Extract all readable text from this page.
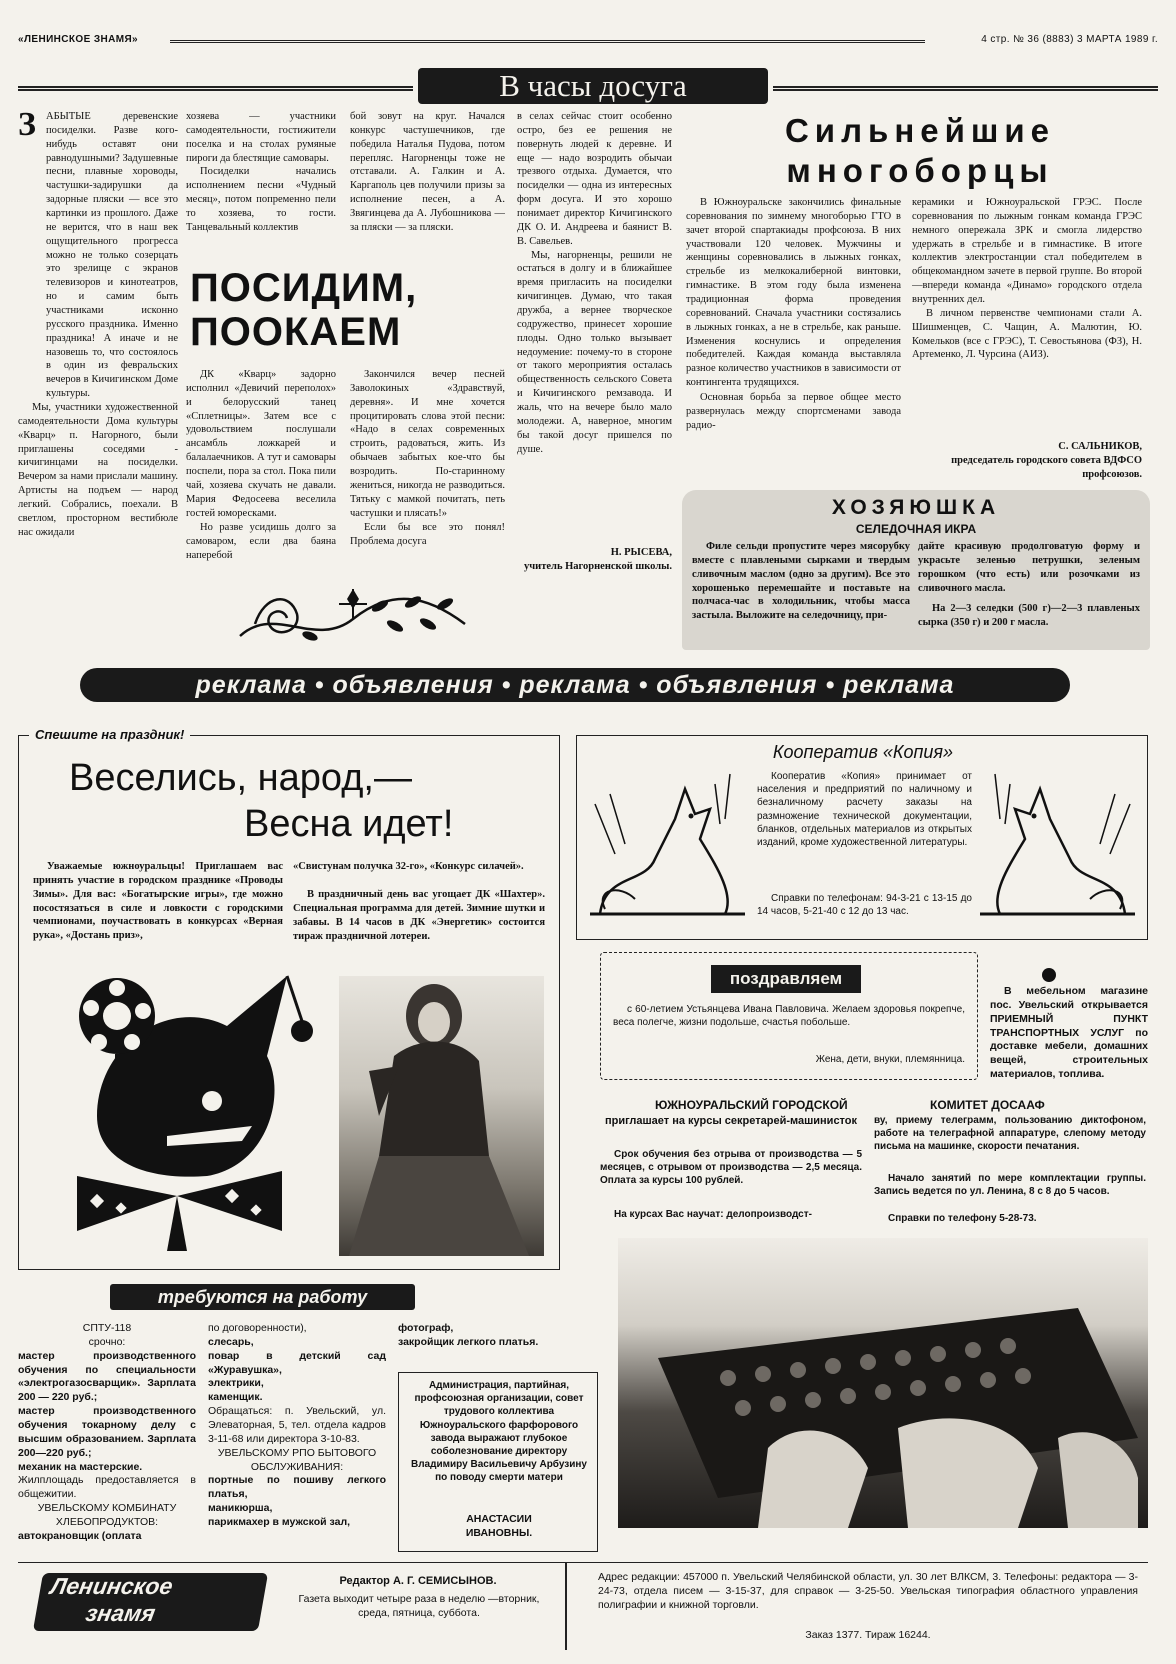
«ЛЕНИНСКОЕ ЗНАМЯ»	4 стр. № 36 (8883) 3 МАРТА 1989 г.
В часы досуга
З АБЫТЫЕ деревенские посиделки. Разве кого-нибудь оставят они равнодушными? Задушевные песни, плавные хороводы, частушки-задирушки да задорные пляски — все это картинки из прошлого. Даже не верится, что в наш век ощущительного прогресса можно не только созерцать это зрелище с экранов телевизоров и кинотеатров, но и самим быть участниками исконно русского праздника. Именно праздника! А иначе и не назовешь то, что состоялось в один из февральских вечеров в Кичигинском Доме культуры.

Мы, участники художественной самодеятельности Дома культуры «Кварц» п. Нагорного, были приглашены соседями - кичигинцами на посиделки. Вечером за нами прислали машину. Артисты на подъем — народ легкий. Собрались, поехали. В светлом, просторном вестибюле нас ожидали

хозяева — участники самодеятельности, гостижители поселка и на столах румяные пироги да блестящие самовары.

Посиделки начались исполнением песни «Чудный месяц», потом попременно пели то хозяева, то гости. Танцевальный коллектив

бой зовут на круг. Начался конкурс частушечников, где победила Наталья Пудова, потом перепляс. Нагорненцы тоже не отставали. А. Галкин и А. Каргаполь цев получили призы за исполнение песен, а А. Звягинцева да А. Лубошникова — за пляски — за пляски.
ПОСИДИМ, ПООКАЕМ

ДК «Кварц» задорно исполнил «Девичий переполох» и белорусский танец «Сплетницы». Затем все с удовольствием послушали ансамбль ложкарей и балалаечников. А тут и самовары поспели, пора за стол. Пока пили чай, хозяева скучать не давали. Мария Федосеева веселила гостей юморесками.

Но разве усидишь долго за самоваром, если два баяна наперебой

Закончился вечер песней Заволокиных «Здравствуй, деревня». И мне хочется процитировать слова этой песни: «Надо в селах современных строить, радоваться, жить. Из обычаев забытых кое-что бы возродить. По-старинному жениться, никогда не разводиться. Тятьку с мамкой почитать, петь частушки и плясать!»

Если бы все это понял! Проблема досуга

в селах сейчас стоит особенно остро, без ее решения не повернуть людей к деревне. И еще — надо возродить обычаи трезвого отдыха. Думается, что посиделки — одна из интересных форм досуга. И это хорошо понимает директор Кичигинского ДК О. И. Андреева и баянист В. В. Савельев.

Мы, нагорненцы, решили не остаться в долгу и в ближайшее время пригласить на посиделки кичигинцев. Думаю, что такая дружба, а вернее творческое содружество, принесет хорошие плоды. Одно только вызывает недоумение: почему-то в стороне от такого мероприятия осталась общественность сельского Совета и Кичигинского ремзавода. И жаль, что на вечере было мало молодежи. А, наверное, многим бы такой досуг пришелся по душе.

Н. РЫСЕВА,
учитель Нагорненской школы.
Сильнейшие
многоборцы

В Южноуральске закончились финальные соревнования по зимнему многоборью ГТО в зачет второй спартакиады профсоюза. В них участвовали 120 человек. Мужчины и женщины соревновались в лыжных гонках, стрельбе из мелкокалиберной винтовки, гимнастике. В этом году была изменена традиционная форма проведения соревнований. Сначала участники состязались в лыжных гонках, а не в стрельбе, как раньше. Изменения коснулись и определения победителей. Каждая команда выставляла разное количество участников в зависимости от контингента трудящихся.

Основная борьба за первое общее место развернулась между спортсменами завода радио-

керамики и Южноуральской ГРЭС. После соревнования по лыжным гонкам команда ГРЭС немного опережала ЗРК и смогла лидерство удержать в стрельбе и в гимнастике. В итоге коллектив электростанции стал победителем в общекомандном зачете в первой группе. Во второй—впереди команда «Динамо» городского отдела внутренних дел.

В личном первенстве чемпионами стали А. Шишменцев, С. Чащин, А. Малютин, Ю. Комельков (все с ГРЭС), Т. Севостьянова (ФЗ), Н. Артеменко, Л. Чурсина (АИЗ).

С. САЛЬНИКОВ,
председатель городского совета ВДФСО профсоюзов.
ХОЗЯЮШКА
СЕЛЕДОЧНАЯ ИКРА
Филе сельди пропустите через мясорубку вместе с плавлеными сырками и твердым сливочным маслом (одно за другим). Все это хорошенько перемешайте и поставьте на полчаса-час в холодильник, чтобы масса застыла. Выложите на селедочницу, при-
дайте красивую продолговатую форму и украсьте зеленью петрушки, зеленым горошком (что есть) или розочками из сливочного масла.
На 2—3 селедки (500 г)—2—3 плавленых сырка (350 г) и 200 г масла.
реклама • объявления • реклама • объявления • реклама
Спешите на праздник!
Веселись, народ,—
Весна идет!
Уважаемые южноуральцы! Приглашаем вас принять участие в городском празднике «Проводы Зимы». Для вас: «Богатырские игры», где можно посостязаться в силе и ловкости с городскими чемпионами, поучаствовать в конкурсах «Верная рука», «Достань приз»,
«Свистунам получка 32-го», «Конкурс силачей».
В праздничный день вас угощает ДК «Шахтер». Специальная программа для детей. Зимние шутки и забавы. В 14 часов в ДК «Энергетик» состоится тираж праздничной лотереи.
Кооператив «Копия»
Кооператив «Копия» принимает от населения и предприятий по наличному и безналичному расчету заказы на размножение технической документации, бланков, отдельных материалов из открытых изданий, кроме художественной литературы.
Справки по телефонам: 94-3-21 с 13-15 до 14 часов, 5-21-40 с 12 до 13 час.
поздравляем
с 60-летием Устьянцева Ивана Павловича. Желаем здоровья покрепче, веса полегче, жизни подольше, счастья побольше.
Жена, дети, внуки, племянница.
В мебельном магазине пос. Увельский открывается ПРИЕМНЫЙ ПУНКТ ТРАНСПОРТНЫХ УСЛУГ по доставке мебели, домашних вещей, строительных материалов, топлива.
ЮЖНОУРАЛЬСКИЙ ГОРОДСКОЙ	КОМИТЕТ ДОСААФ
приглашает на курсы секретарей-машинисток
Срок обучения без отрыва от производства — 5 месяцев, с отрывом от производства — 2,5 месяца. Оплата за курсы 100 рублей.
На курсах Вас научат: делопроизводст-
ву, приему телеграмм, пользованию диктофоном, работе на телеграфной аппаратуре, слепому методу письма на машинке, скорости печатания.
Начало занятий по мере комплектации группы. Запись ведется по ул. Ленина, 8 с 8 до 5 часов.
Справки по телефону 5-28-73.
требуются на работу
СПТУ-118
срочно:
мастер производственного обучения по специальности «электрогазосварщик». Зарплата 200 — 220 руб.;
мастер производственного обучения токарному делу с высшим образованием. Зарплата 200—220 руб.;
механик на мастерские.
Жилплощадь предоставляется в общежитии.
УВЕЛЬСКОМУ КОМБИНАТУ ХЛЕБОПРОДУКТОВ:
автокрановщик (оплата
по договоренности),
слесарь,
повар в детский сад «Журавушка»,
электрики,
каменщик.
Обращаться: п. Увельский, ул. Элеваторная, 5, тел. отдела кадров 3-11-68 или директора 3-10-83.
УВЕЛЬСКОМУ РПО БЫТОВОГО ОБСЛУЖИВАНИЯ:
портные по пошиву легкого платья,
маникюрша,
парикмахер в мужской зал,
фотограф,
закройщик легкого платья.
Администрация, партийная, профсоюзная организации, совет трудового коллектива Южноуральского фарфорового завода выражают глубокое соболезнование директору Владимиру Васильевичу Арбузину по поводу смерти матери
АНАСТАСИИ
ИВАНОВНЫ.
Ленинское
знамя
Редактор А. Г. СЕМИСЫНОВ.
Газета выходит четыре раза в неделю —вторник, среда, пятница, суббота.
Адрес редакции: 457000 п. Увельский Челябинской области, ул. 30 лет ВЛКСМ, 3. Телефоны: редактора — 3-24-73, отдела писем — 3-15-37, для справок — 3-25-50. Увельская типография областного управления полиграфии и книжной торговли.
Заказ 1377. Тираж 16244.
